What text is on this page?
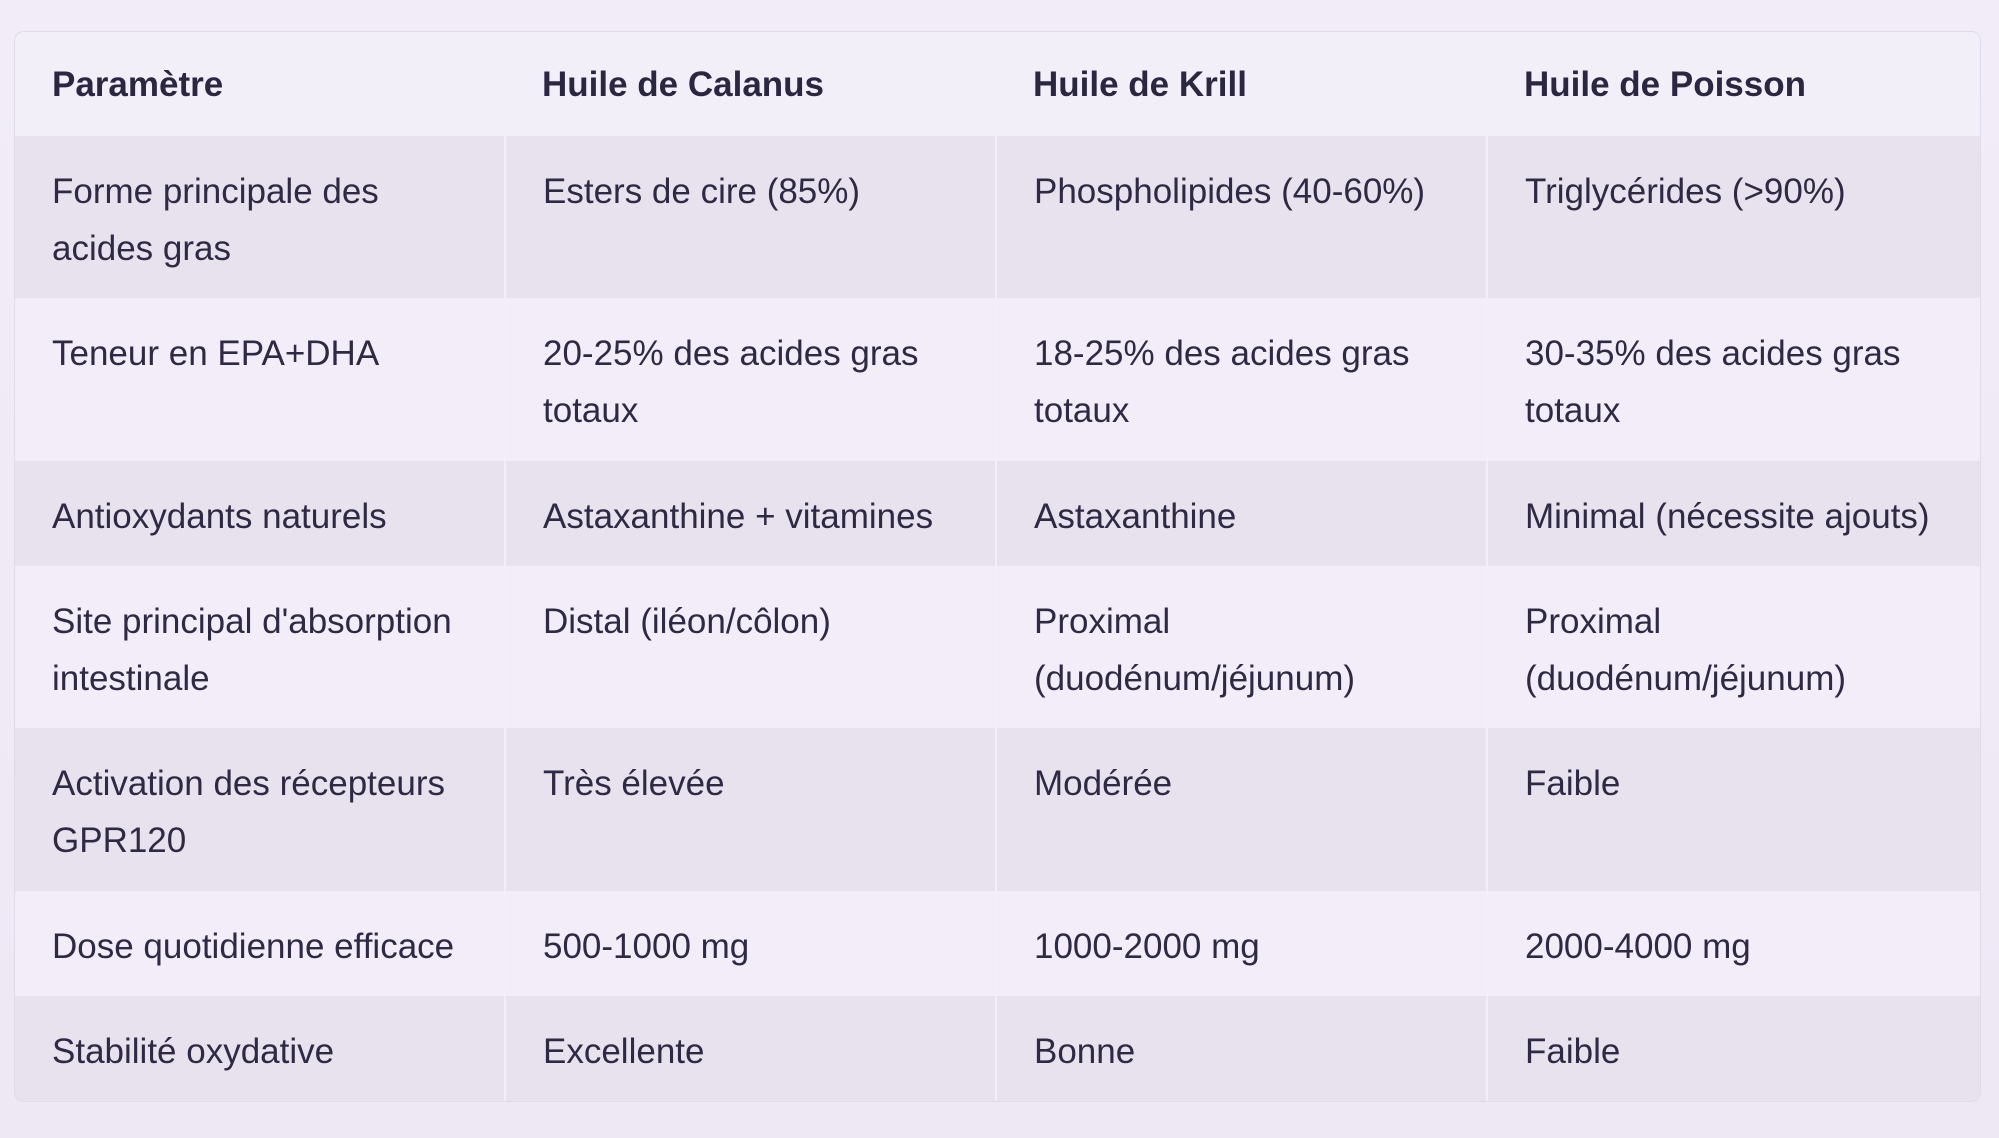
Paramètre	Huile de Calanus	Huile de Krill	Huile de Poisson
Forme principale des acides gras	Esters de cire (85%)	Phospholipides (40-60%)	Triglycérides (>90%)
Teneur en EPA+DHA	20-25% des acides gras totaux	18-25% des acides gras totaux	30-35% des acides gras totaux
Antioxydants naturels	Astaxanthine + vitamines	Astaxanthine	Minimal (nécessite ajouts)
Site principal d'absorption intestinale	Distal (iléon/côlon)	Proximal (duodénum/jéjunum)	Proximal (duodénum/jéjunum)
Activation des récepteurs GPR120	Très élevée	Modérée	Faible
Dose quotidienne efficace	500-1000 mg	1000-2000 mg	2000-4000 mg
Stabilité oxydative	Excellente	Bonne	Faible
